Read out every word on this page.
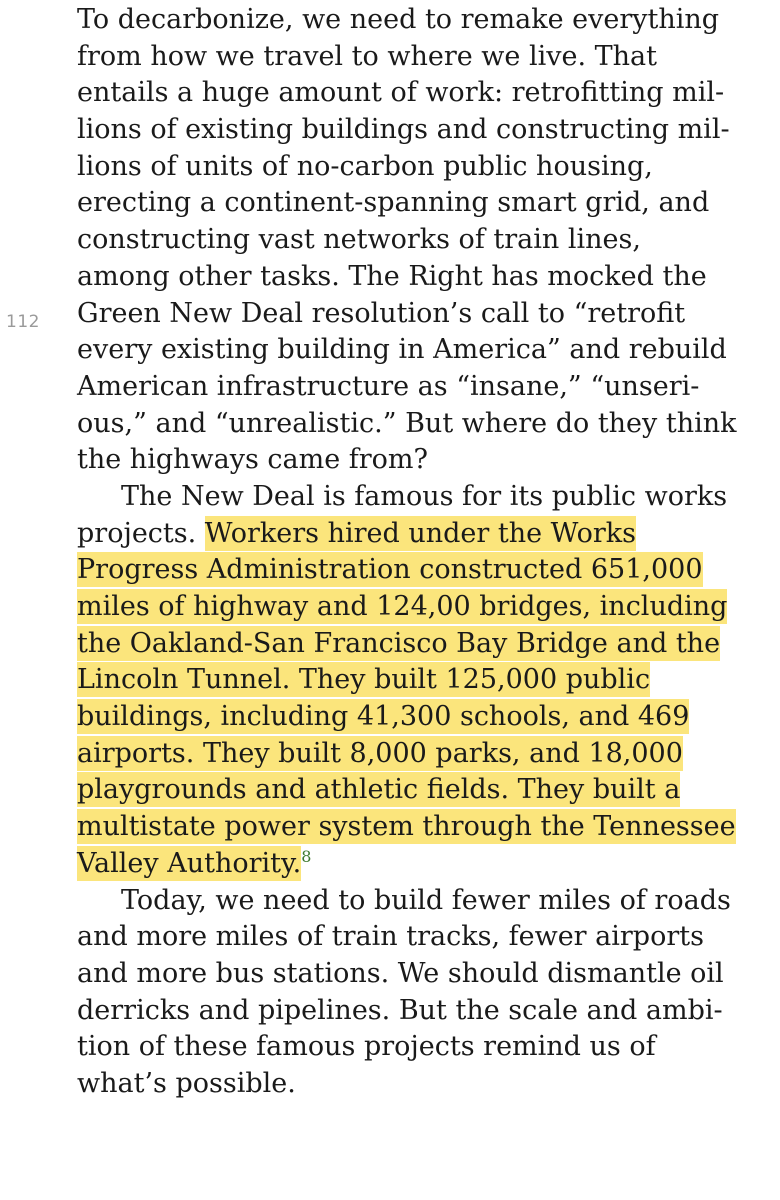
112
To decarbonize, we need to remake everything
from how we travel to where we live. That
entails a huge amount of work: retrofitting mil-
lions of existing buildings and constructing mil-
lions of units of no-carbon public housing,
erecting a continent-spanning smart grid, and
constructing vast networks of train lines,
among other tasks. The Right has mocked the
Green New Deal resolution’s call to “retrofit
every existing building in America” and rebuild
American infrastructure as “insane,” “unseri-
ous,” and “unrealistic.” But where do they think
the highways came from?
The New Deal is famous for its public works
projects. Workers hired under the Works
Progress Administration constructed 651,000
miles of highway and 124,00 bridges, including
the Oakland-San Francisco Bay Bridge and the
Lincoln Tunnel. They built 125,000 public
buildings, including 41,300 schools, and 469
airports. They built 8,000 parks, and 18,000
playgrounds and athletic fields. They built a
multistate power system through the Tennessee
Valley Authority.$^8$
Today, we need to build fewer miles of roads
and more miles of train tracks, fewer airports
and more bus stations. We should dismantle oil
derricks and pipelines. But the scale and ambi-
tion of these famous projects remind us of
what’s possible.
